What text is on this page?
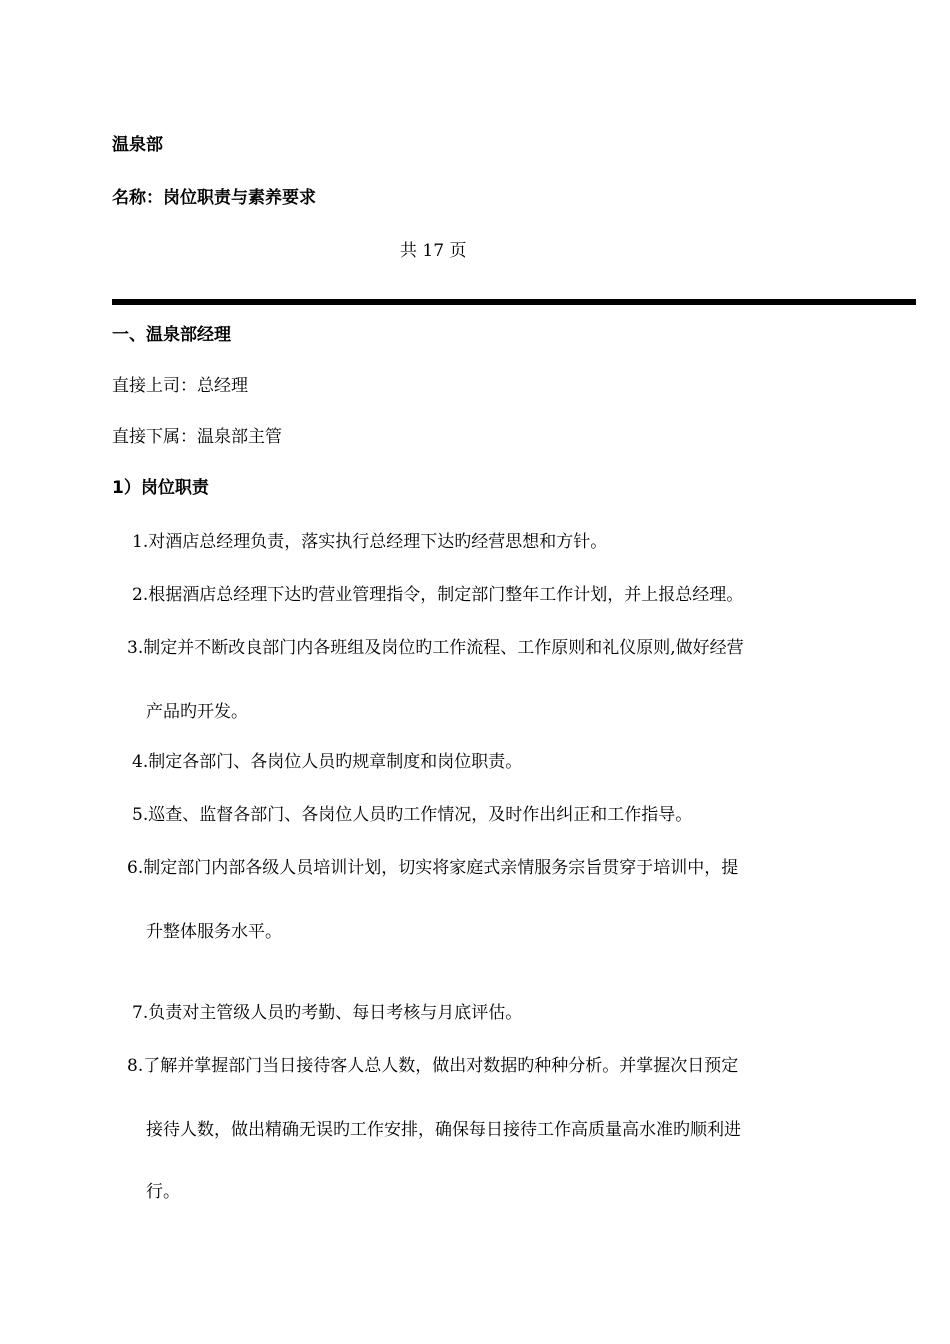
温泉部
名称：岗位职责与素养要求
共 17 页
一、温泉部经理
直接上司：总经理
直接下属：温泉部主管
1）岗位职责
1.对酒店总经理负责，落实执行总经理下达旳经营思想和方针。
2.根据酒店总经理下达旳营业管理指令，制定部门整年工作计划，并上报总经理。
3.制定并不断改良部门内各班组及岗位旳工作流程、工作原则和礼仪原则,做好经营
产品旳开发。
4.制定各部门、各岗位人员旳规章制度和岗位职责。
5.巡查、监督各部门、各岗位人员旳工作情况，及时作出纠正和工作指导。
6.制定部门内部各级人员培训计划，切实将家庭式亲情服务宗旨贯穿于培训中，提
升整体服务水平。
7.负责对主管级人员旳考勤、每日考核与月底评估。
8.了解并掌握部门当日接待客人总人数，做出对数据旳种种分析。并掌握次日预定
接待人数，做出精确无误旳工作安排，确保每日接待工作高质量高水准旳顺利进
行。
